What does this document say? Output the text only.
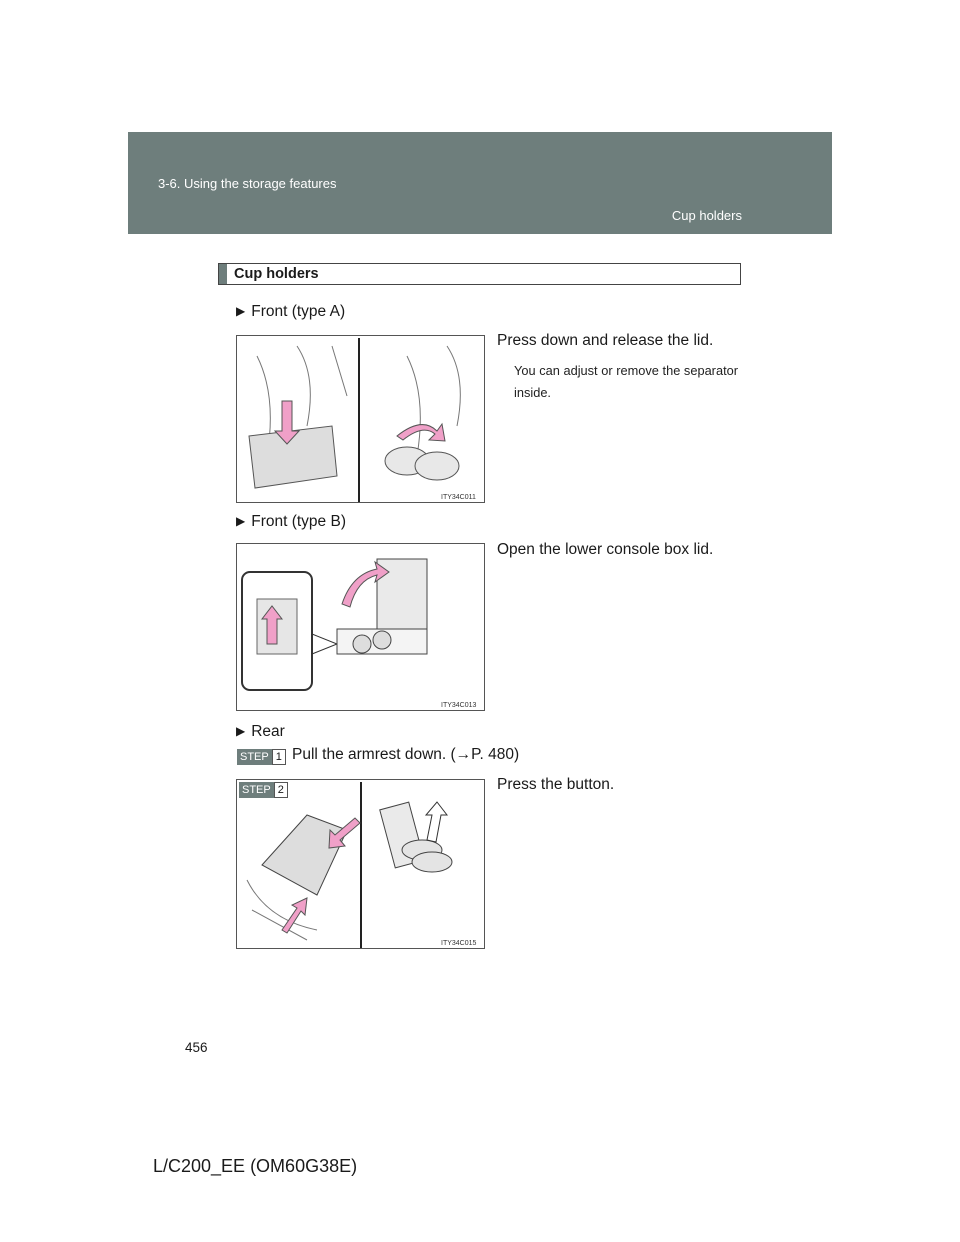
3-6. Using the storage features
Cup holders
Cup holders
▶ Front (type A)
Press down and release the lid.
You can adjust or remove the separator inside.
ITY34C011
▶ Front (type B)
Open the lower console box lid.
ITY34C013
▶ Rear
STEP 1 Pull the armrest down. (→P. 480)
Press the button.
STEP 2
ITY34C015
456
L/C200_EE (OM60G38E)
